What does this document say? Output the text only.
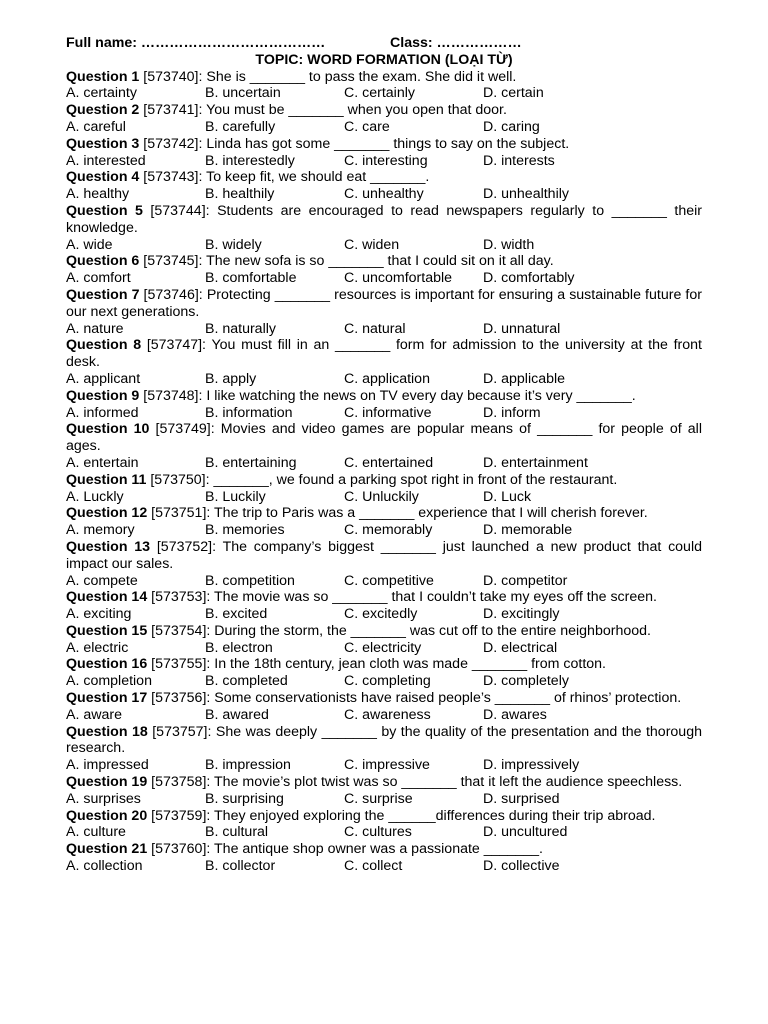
Full name: …………………………………	Class: ………………
TOPIC: WORD FORMATION (LOẠI TỪ)
Question 1 [573740]: She is _______ to pass the exam. She did it well.
A. certainty	B. uncertain	C. certainly	D. certain
Question 2 [573741]: You must be _______ when you open that door.
A. careful	B. carefully	C. care	D. caring
Question 3 [573742]: Linda has got some _______ things to say on the subject.
A. interested	B. interestedly	C. interesting	D. interests
Question 4 [573743]: To keep fit, we should eat _______.
A. healthy	B. healthily	C. unhealthy	D. unhealthily
Question 5 [573744]: Students are encouraged to read newspapers regularly to _______ their knowledge.
A. wide	B. widely	C. widen	D. width
Question 6 [573745]: The new sofa is so _______ that I could sit on it all day.
A. comfort	B. comfortable	C. uncomfortable	D. comfortably
Question 7 [573746]: Protecting _______ resources is important for ensuring a sustainable future for our next generations.
A. nature	B. naturally	C. natural	D. unnatural
Question 8 [573747]: You must fill in an _______ form for admission to the university at the front desk.
A. applicant	B. apply	C. application	D. applicable
Question 9 [573748]: I like watching the news on TV every day because it’s very _______.
A. informed	B. information	C. informative	D. inform
Question 10 [573749]: Movies and video games are popular means of _______ for people of all ages.
A. entertain	B. entertaining	C. entertained	D. entertainment
Question 11 [573750]: _______, we found a parking spot right in front of the restaurant.
A. Luckly	B. Luckily	C. Unluckily	D. Luck
Question 12 [573751]: The trip to Paris was a _______ experience that I will cherish forever.
A. memory	B. memories	C. memorably	D. memorable
Question 13 [573752]: The company’s biggest _______ just launched a new product that could impact our sales.
A. compete	B. competition	C. competitive	D. competitor
Question 14 [573753]: The movie was so _______ that I couldn’t take my eyes off the screen.
A. exciting	B. excited	C. excitedly	D. excitingly
Question 15 [573754]: During the storm, the _______ was cut off to the entire neighborhood.
A. electric	B. electron	C. electricity	D. electrical
Question 16 [573755]: In the 18th century, jean cloth was made _______ from cotton.
A. completion	B. completed	C. completing	D. completely
Question 17 [573756]: Some conservationists have raised people’s _______ of rhinos’ protection.
A. aware	B. awared	C. awareness	D. awares
Question 18 [573757]: She was deeply _______ by the quality of the presentation and the thorough research.
A. impressed	B. impression	C. impressive	D. impressively
Question 19 [573758]: The movie’s plot twist was so _______ that it left the audience speechless.
A. surprises	B. surprising	C. surprise	D. surprised
Question 20 [573759]: They enjoyed exploring the ______differences during their trip abroad.
A. culture	B. cultural	C. cultures	D. uncultured
Question 21 [573760]: The antique shop owner was a passionate _______.
A. collection	B. collector	C. collect	D. collective
